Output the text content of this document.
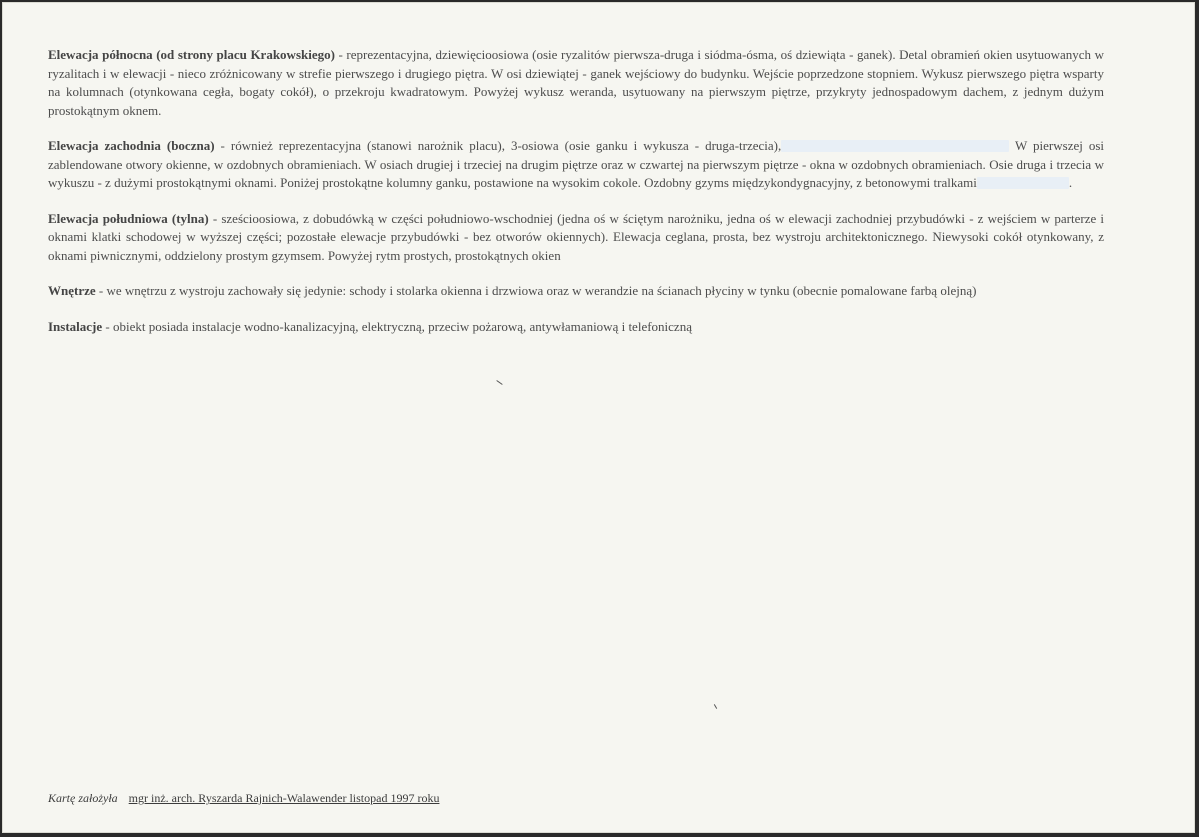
Elewacja północna (od strony placu Krakowskiego) - reprezentacyjna, dziewięcioosiowa (osie ryzalitów pierwsza-druga i siódma-ósma, oś dziewiąta - ganek). Detal obramień okien usytuowanych w ryzalitach i w elewacji - nieco zróżnicowany w strefie pierwszego i drugiego piętra. W osi dziewiątej - ganek wejściowy do budynku. Wejście poprzedzone stopniem. Wykusz pierwszego piętra wsparty na kolumnach (otynkowana cegła, bogaty cokół), o przekroju kwadratowym. Powyżej wykusz weranda, usytuowany na pierwszym piętrze, przykryty jednospadowym dachem, z jednym dużym prostokątnym oknem.

Elewacja zachodnia (boczna) - również reprezentacyjna (stanowi narożnik placu), 3-osiowa (osie ganku i wykusza - druga-trzecia),	W pierwszej osi zablendowane otwory okienne, w ozdobnych obramieniach. W osiach drugiej i trzeciej na drugim piętrze oraz w czwartej na pierwszym piętrze - okna w ozdobnych obramieniach. Osie druga i trzecia w wykuszu - z dużymi prostokątnymi oknami. Poniżej prostokątne kolumny ganku, postawione na wysokim cokole. Ozdobny gzyms międzykondygnacyjny, z betonowymi tralkami	.

Elewacja południowa (tylna) - sześcioosiowa, z dobudówką w części południowo-wschodniej (jedna oś w ściętym narożniku, jedna oś w elewacji zachodniej przybudówki - z wejściem w parterze i oknami klatki schodowej w wyższej części; pozostałe elewacje przybudówki - bez otworów okiennych). Elewacja ceglana, prosta, bez wystroju architektonicznego. Niewysoki cokół otynkowany, z oknami piwnicznymi, oddzielony prostym gzymsem. Powyżej rytm prostych, prostokątnych okien

Wnętrze - we wnętrzu z wystroju zachowały się jedynie: schody i stolarka okienna i drzwiowa oraz w werandzie na ścianach płyciny w tynku (obecnie pomalowane farbą olejną)

Instalacje - obiekt posiada instalacje wodno-kanalizacyjną, elektryczną, przeciw pożarową, antywłamaniową i telefoniczną

Kartę założyła mgr inż. arch. Ryszarda Rajnich-Walawender listopad 1997 roku
